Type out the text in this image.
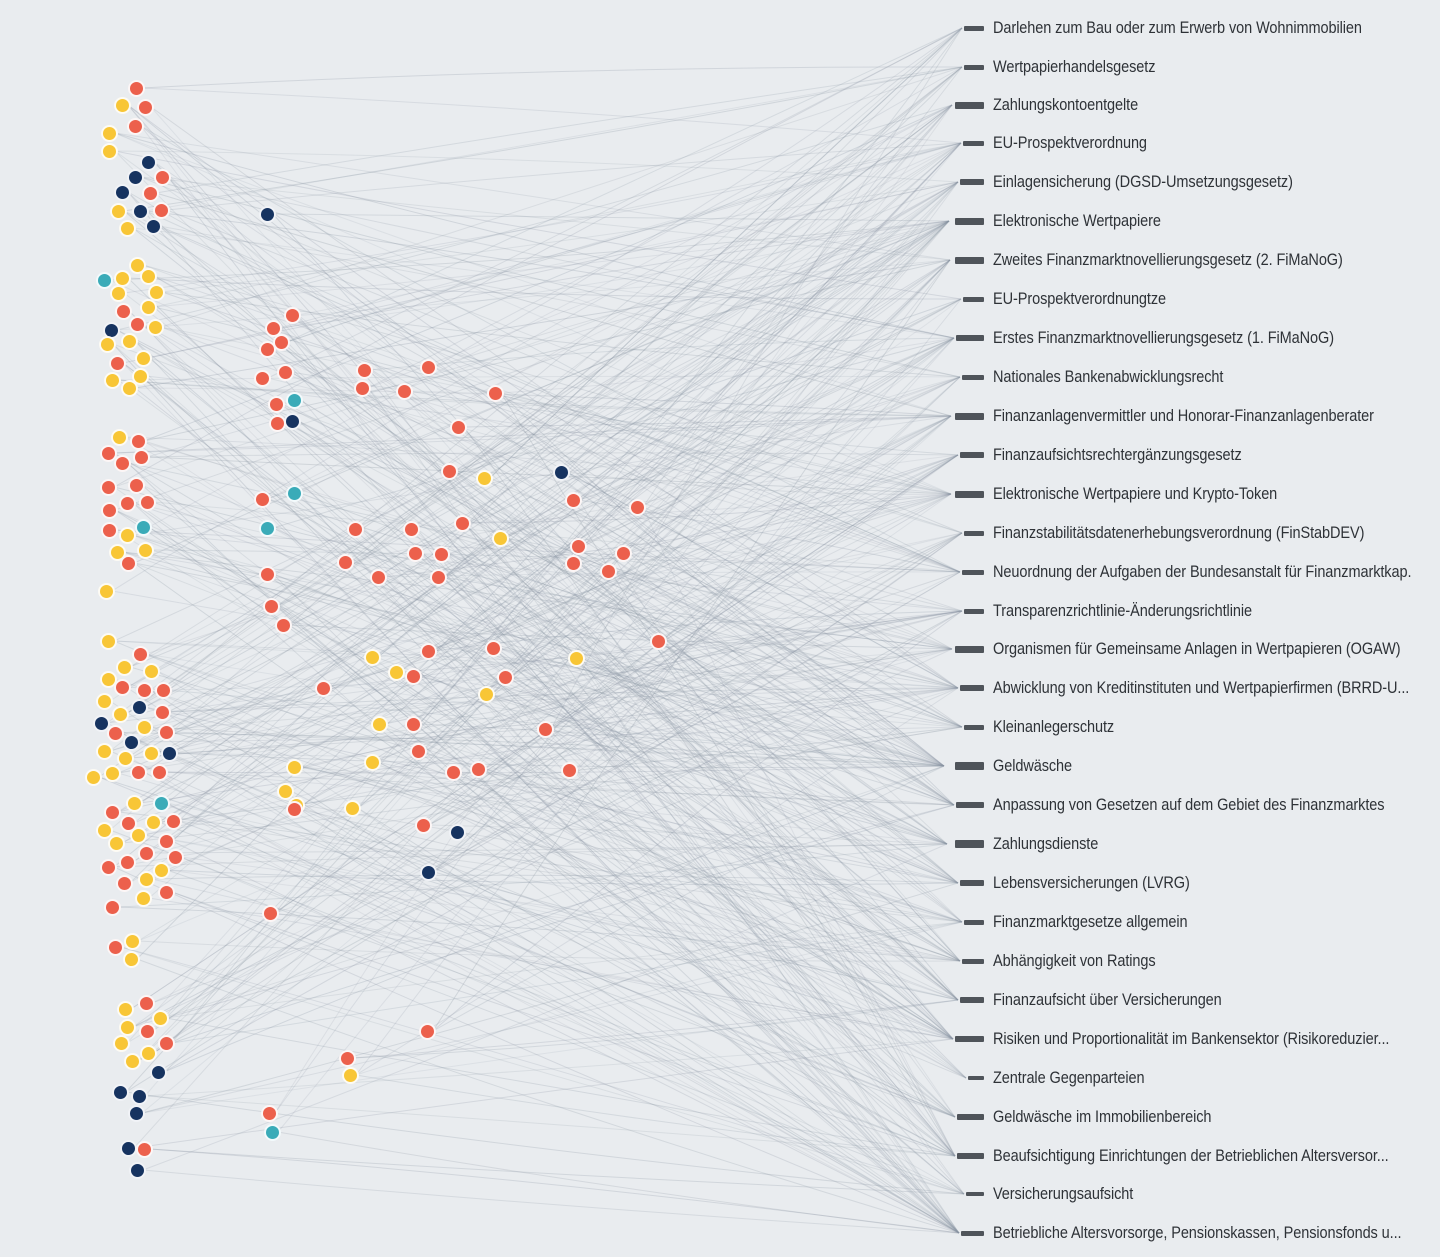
Darlehen zum Bau oder zum Erwerb von Wohnimmobilien
Wertpapierhandelsgesetz
Zahlungskontoentgelte
EU-Prospektverordnung
Einlagensicherung (DGSD-Umsetzungsgesetz)
Elektronische Wertpapiere
Zweites Finanzmarktnovellierungsgesetz (2. FiMaNoG)
EU-Prospektverordnungtze
Erstes Finanzmarktnovellierungsgesetz (1. FiMaNoG)
Nationales Bankenabwicklungsrecht
Finanzanlagenvermittler und Honorar-Finanzanlagenberater
Finanzaufsichtsrechtergänzungsgesetz
Elektronische Wertpapiere und Krypto-Token
Finanzstabilitätsdatenerhebungsverordnung (FinStabDEV)
Neuordnung der Aufgaben der Bundesanstalt für Finanzmarktkap.
Transparenzrichtlinie-Änderungsrichtlinie
Organismen für Gemeinsame Anlagen in Wertpapieren (OGAW)
Abwicklung von Kreditinstituten und Wertpapierfirmen (BRRD-U...
Kleinanlegerschutz
Geldwäsche
Anpassung von Gesetzen auf dem Gebiet des Finanzmarktes
Zahlungsdienste
Lebensversicherungen (LVRG)
Finanzmarktgesetze allgemein
Abhängigkeit von Ratings
Finanzaufsicht über Versicherungen
Risiken und Proportionalität im Bankensektor (Risikoreduzier...
Zentrale Gegenparteien
Geldwäsche im Immobilienbereich
Beaufsichtigung Einrichtungen der Betrieblichen Altersversor...
Versicherungsaufsicht
Betriebliche Altersvorsorge, Pensionskassen, Pensionsfonds u...
